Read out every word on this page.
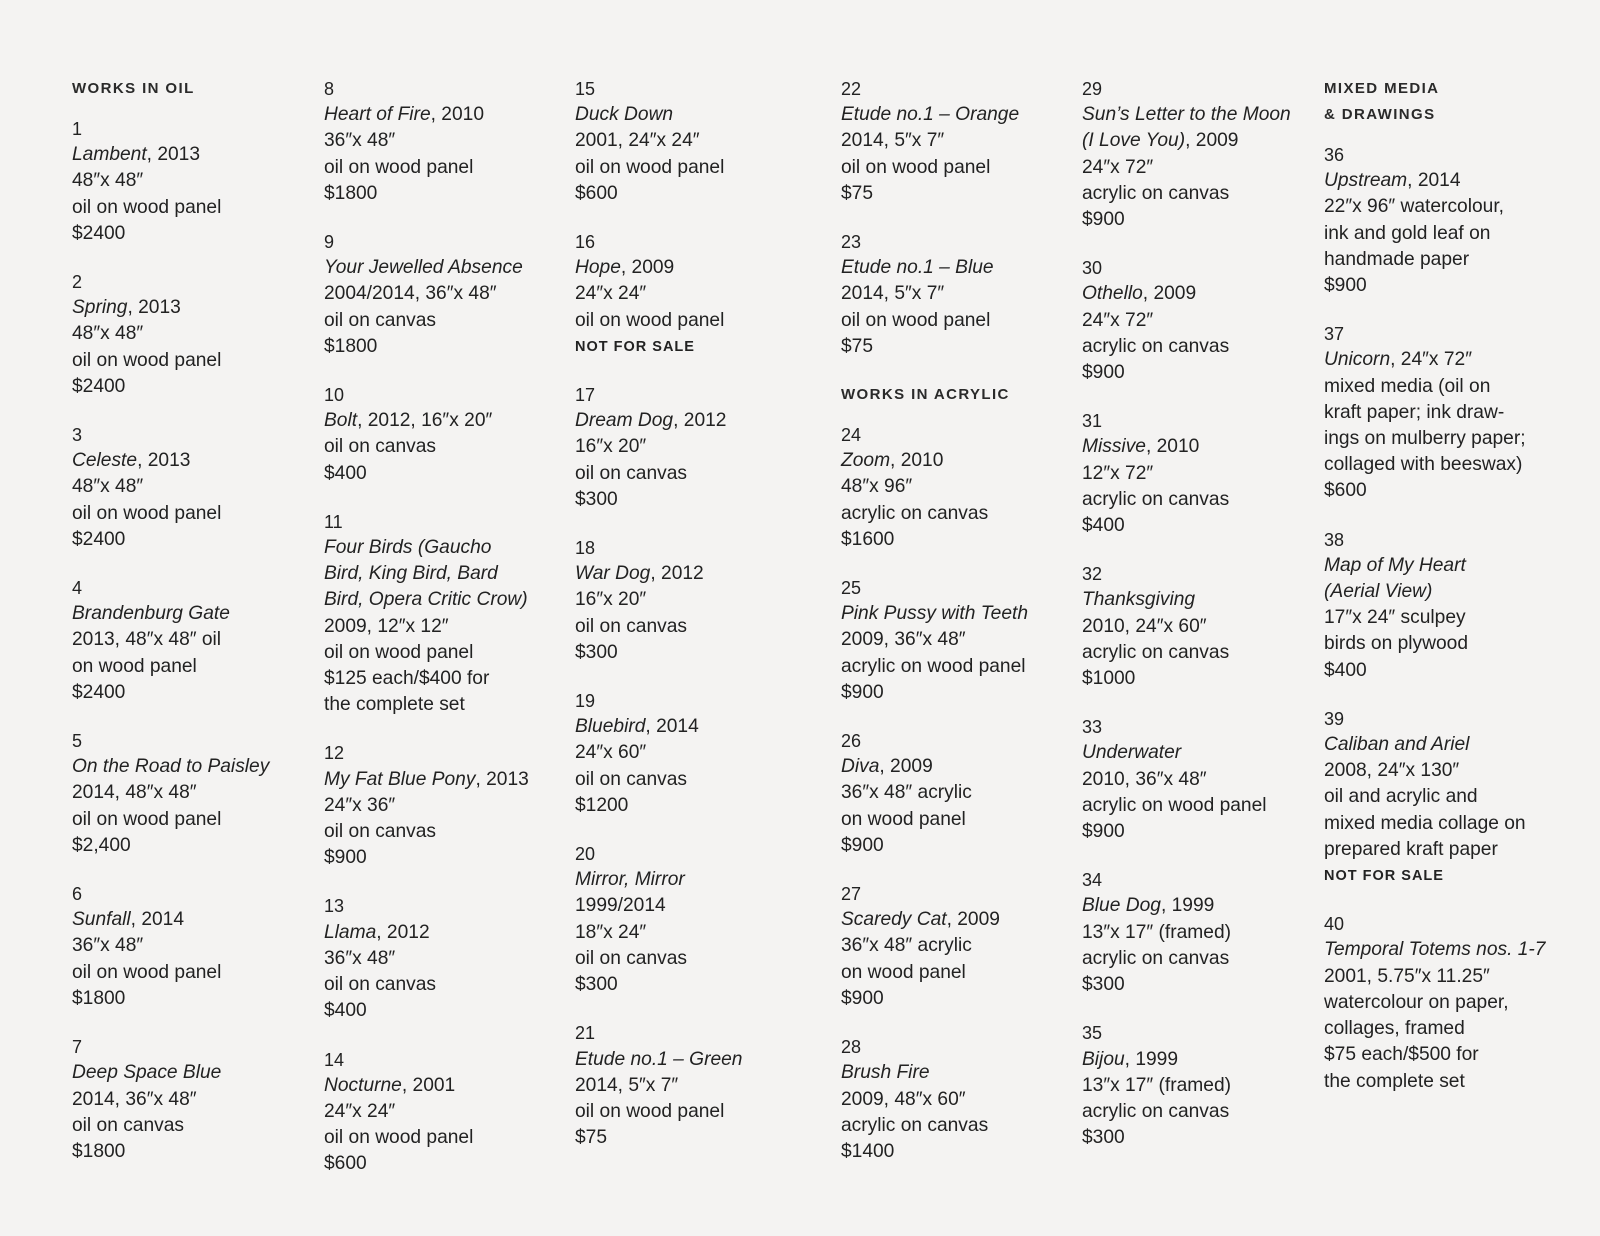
WORKS IN OIL
1
Lambent, 2013
48″x 48″
oil on wood panel
$2400
2
Spring, 2013
48″x 48″
oil on wood panel
$2400
3
Celeste, 2013
48″x 48″
oil on wood panel
$2400
4
Brandenburg Gate
2013, 48″x 48″ oil
on wood panel
$2400
5
On the Road to Paisley
2014, 48″x 48″
oil on wood panel
$2,400
6
Sunfall, 2014
36″x 48″
oil on wood panel
$1800
7
Deep Space Blue
2014, 36″x 48″
oil on canvas
$1800
8
Heart of Fire, 2010
36″x 48″
oil on wood panel
$1800
9
Your Jewelled Absence
2004/2014, 36″x 48″
oil on canvas
$1800
10
Bolt, 2012, 16″x 20″
oil on canvas
$400
11
Four Birds (Gaucho
Bird, King Bird, Bard
Bird, Opera Critic Crow)
2009, 12″x 12″
oil on wood panel
$125 each/$400 for
the complete set
12
My Fat Blue Pony, 2013
24″x 36″
oil on canvas
$900
13
Llama, 2012
36″x 48″
oil on canvas
$400
14
Nocturne, 2001
24″x 24″
oil on wood panel
$600
15
Duck Down
2001, 24″x 24″
oil on wood panel
$600
16
Hope, 2009
24″x 24″
oil on wood panel
NOT FOR SALE
17
Dream Dog, 2012
16″x 20″
oil on canvas
$300
18
War Dog, 2012
16″x 20″
oil on canvas
$300
19
Bluebird, 2014
24″x 60″
oil on canvas
$1200
20
Mirror, Mirror
1999/2014
18″x 24″
oil on canvas
$300
21
Etude no.1 – Green
2014, 5″x 7″
oil on wood panel
$75
22
Etude no.1 – Orange
2014, 5″x 7″
oil on wood panel
$75
23
Etude no.1 – Blue
2014, 5″x 7″
oil on wood panel
$75
WORKS IN ACRYLIC
24
Zoom, 2010
48″x 96″
acrylic on canvas
$1600
25
Pink Pussy with Teeth
2009, 36″x 48″
acrylic on wood panel
$900
26
Diva, 2009
36″x 48″ acrylic
on wood panel
$900
27
Scaredy Cat, 2009
36″x 48″ acrylic
on wood panel
$900
28
Brush Fire
2009, 48″x 60″
acrylic on canvas
$1400
29
Sun’s Letter to the Moon
(I Love You), 2009
24″x 72″
acrylic on canvas
$900
30
Othello, 2009
24″x 72″
acrylic on canvas
$900
31
Missive, 2010
12″x 72″
acrylic on canvas
$400
32
Thanksgiving
2010, 24″x 60″
acrylic on canvas
$1000
33
Underwater
2010, 36″x 48″
acrylic on wood panel
$900
34
Blue Dog, 1999
13″x 17″ (framed)
acrylic on canvas
$300
35
Bijou, 1999
13″x 17″ (framed)
acrylic on canvas
$300
MIXED MEDIA
& DRAWINGS
36
Upstream, 2014
22″x 96″ watercolour,
ink and gold leaf on
handmade paper
$900
37
Unicorn, 24″x 72″
mixed media (oil on
kraft paper; ink draw-
ings on mulberry paper;
collaged with beeswax)
$600
38
Map of My Heart
(Aerial View)
17″x 24″ sculpey
birds on plywood
$400
39
Caliban and Ariel
2008, 24″x 130″
oil and acrylic and
mixed media collage on
prepared kraft paper
NOT FOR SALE
40
Temporal Totems nos. 1-7
2001, 5.75″x 11.25″
watercolour on paper,
collages, framed
$75 each/$500 for
the complete set
